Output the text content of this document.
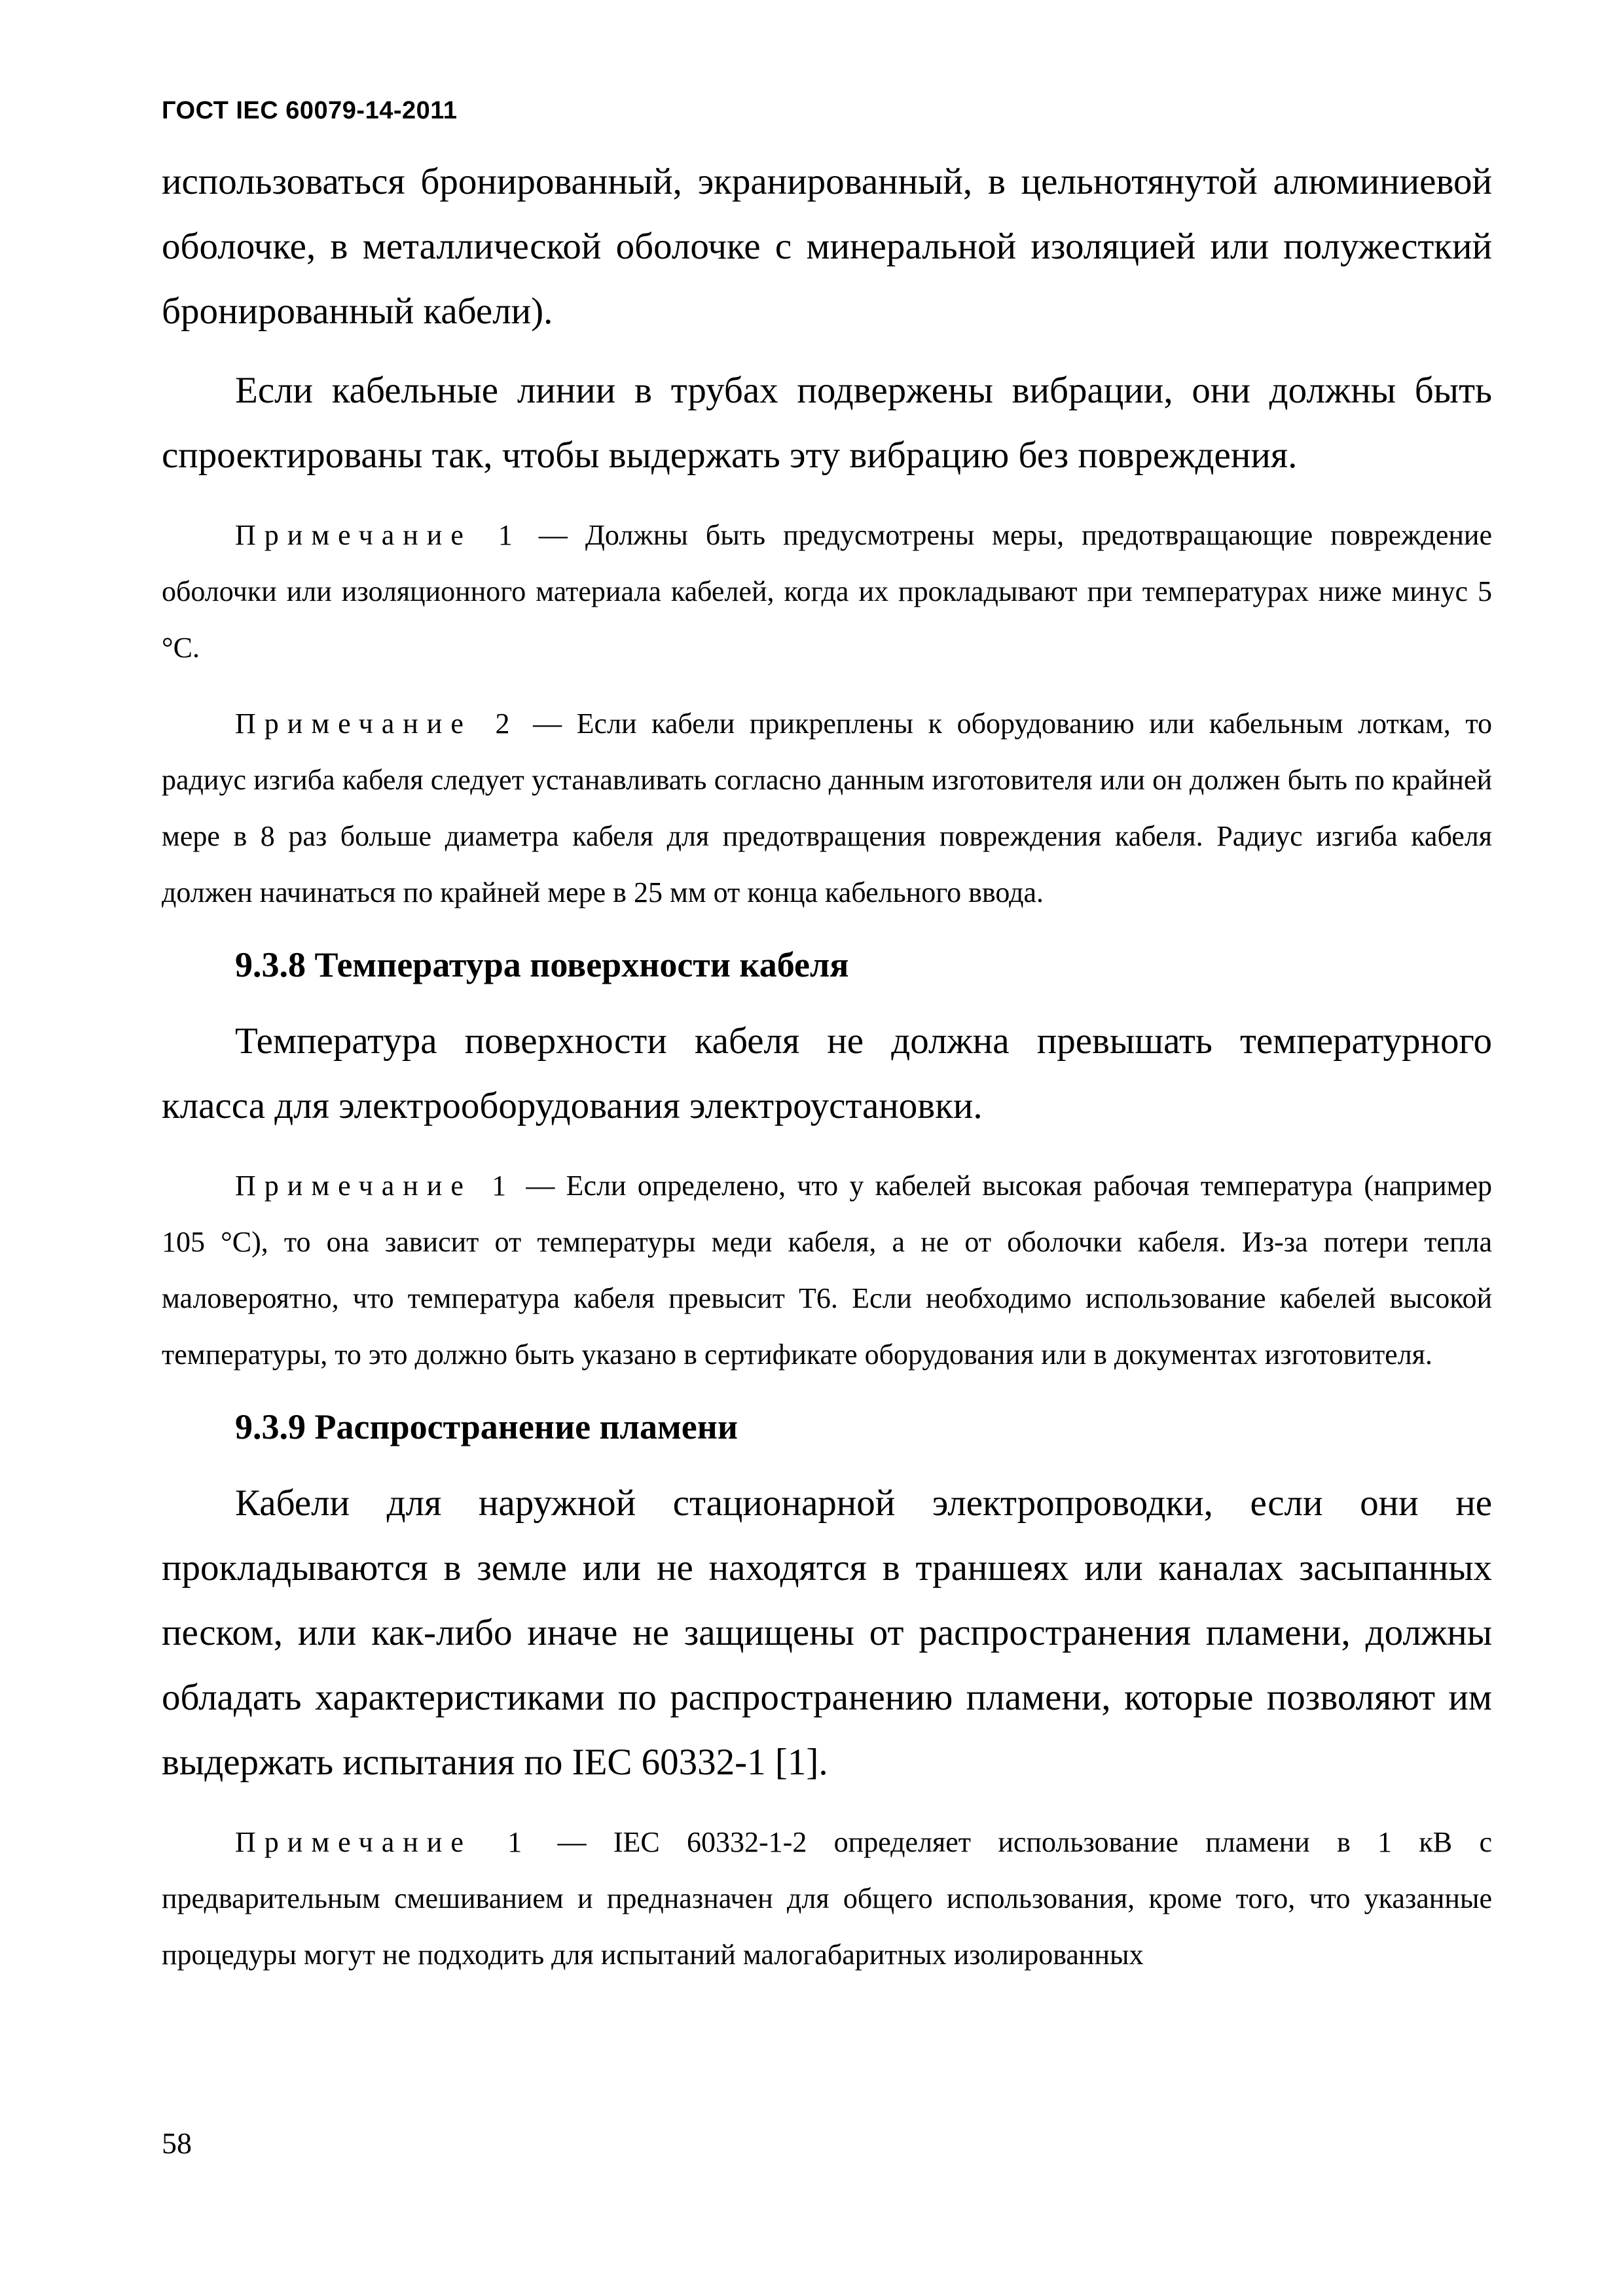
ГОСТ IEC 60079-14-2011

использоваться бронированный, экранированный, в цельнотянутой алюминиевой оболочке, в металлической оболочке с минеральной изоляцией или полужесткий бронированный кабели).

Если кабельные линии в трубах подвержены вибрации, они должны быть спроектированы так, чтобы выдержать эту вибрацию без повреждения.

Примечание 1 — Должны быть предусмотрены меры, предотвращающие повреждение оболочки или изоляционного материала кабелей, когда их прокладывают при температурах ниже минус 5 °С.

Примечание 2 — Если кабели прикреплены к оборудованию или кабельным лоткам, то радиус изгиба кабеля следует устанавливать согласно данным изготовителя или он должен быть по крайней мере в 8 раз больше диаметра кабеля для предотвращения повреждения кабеля. Радиус изгиба кабеля должен начинаться по крайней мере в 25 мм от конца кабельного ввода.

9.3.8 Температура поверхности кабеля

Температура поверхности кабеля не должна превышать температурного класса для электрооборудования электроустановки.

Примечание 1 — Если определено, что у кабелей высокая рабочая температура (например 105 °С), то она зависит от температуры меди кабеля, а не от оболочки кабеля. Из-за потери тепла маловероятно, что температура кабеля превысит Т6. Если необходимо использование кабелей высокой температуры, то это должно быть указано в сертификате оборудования или в документах изготовителя.

9.3.9 Распространение пламени

Кабели для наружной стационарной электропроводки, если они не прокладываются в земле или не находятся в траншеях или каналах засыпанных песком, или как-либо иначе не защищены от распространения пламени, должны обладать характеристиками по распространению пламени, которые позволяют им выдержать испытания по IEC 60332-1 [1].

Примечание 1 — IEC 60332-1-2 определяет использование пламени в 1 кВ с предварительным смешиванием и предназначен для общего использования, кроме того, что указанные процедуры могут не подходить для испытаний малогабаритных изолированных

58
